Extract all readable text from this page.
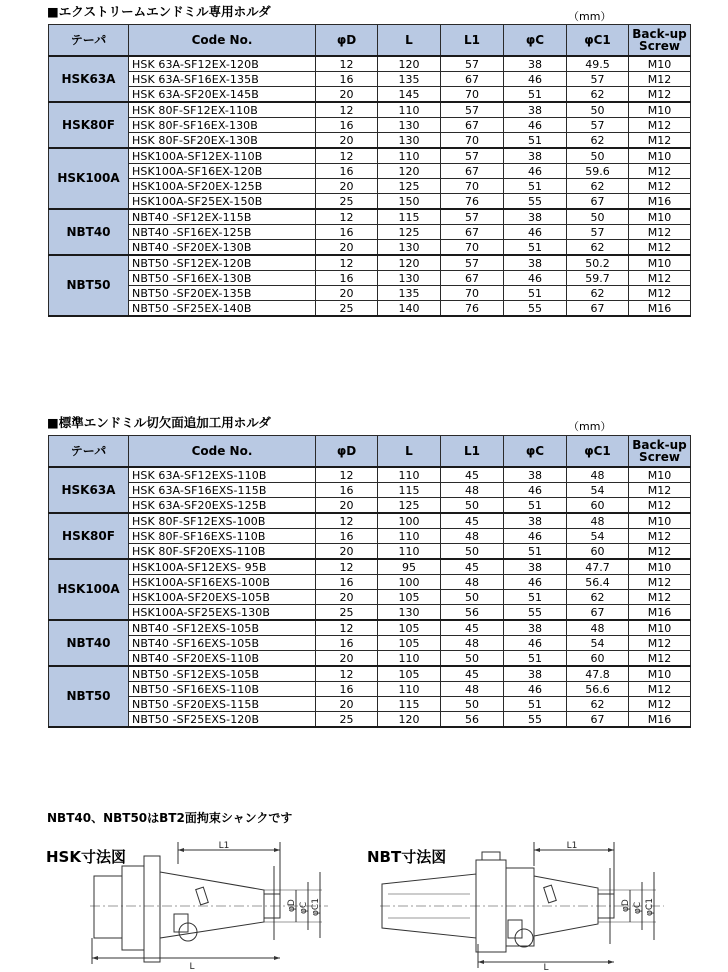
■エクストリームエンドミル専用ホルダ	（mm）
テーパ	Code No.	φD	L	L1	φC	φC1	Back-up
Screw

HSK63A	HSK 63A-SF12EX-120B	12	120	57	38	49.5	M10
	HSK 63A-SF16EX-135B	16	135	67	46	57	M12
	HSK 63A-SF20EX-145B	20	145	70	51	62	M12
HSK80F	HSK 80F-SF12EX-110B	12	110	57	38	50	M10
	HSK 80F-SF16EX-130B	16	130	67	46	57	M12
	HSK 80F-SF20EX-130B	20	130	70	51	62	M12
HSK100A	HSK100A-SF12EX-110B	12	110	57	38	50	M10
	HSK100A-SF16EX-120B	16	120	67	46	59.6	M12
	HSK100A-SF20EX-125B	20	125	70	51	62	M12
	HSK100A-SF25EX-150B	25	150	76	55	67	M16
NBT40	NBT40 -SF12EX-115B	12	115	57	38	50	M10
	NBT40 -SF16EX-125B	16	125	67	46	57	M12
	NBT40 -SF20EX-130B	20	130	70	51	62	M12
NBT50	NBT50 -SF12EX-120B	12	120	57	38	50.2	M10
	NBT50 -SF16EX-130B	16	130	67	46	59.7	M12
	NBT50 -SF20EX-135B	20	135	70	51	62	M12
	NBT50 -SF25EX-140B	25	140	76	55	67	M16
■標準エンドミル切欠面追加工用ホルダ	（mm）
テーパ	Code No.	φD	L	L1	φC	φC1	Back-up
Screw

HSK63A	HSK 63A-SF12EXS-110B	12	110	45	38	48	M10
	HSK 63A-SF16EXS-115B	16	115	48	46	54	M12
	HSK 63A-SF20EXS-125B	20	125	50	51	60	M12
HSK80F	HSK 80F-SF12EXS-100B	12	100	45	38	48	M10
	HSK 80F-SF16EXS-110B	16	110	48	46	54	M12
	HSK 80F-SF20EXS-110B	20	110	50	51	60	M12
HSK100A	HSK100A-SF12EXS- 95B	12	95	45	38	47.7	M10
	HSK100A-SF16EXS-100B	16	100	48	46	56.4	M12
	HSK100A-SF20EXS-105B	20	105	50	51	62	M12
	HSK100A-SF25EXS-130B	25	130	56	55	67	M16
NBT40	NBT40 -SF12EXS-105B	12	105	45	38	48	M10
	NBT40 -SF16EXS-105B	16	105	48	46	54	M12
	NBT40 -SF20EXS-110B	20	110	50	51	60	M12
NBT50	NBT50 -SF12EXS-105B	12	105	45	38	47.8	M10
	NBT50 -SF16EXS-110B	16	110	48	46	56.6	M12
	NBT50 -SF20EXS-115B	20	115	50	51	62	M12
	NBT50 -SF25EXS-120B	25	120	56	55	67	M16
NBT40、NBT50はBT2面拘束シャンクです
HSK寸法図	NBT寸法図
L1
L
φD φC φC1
L1
L
φD φC φC1
